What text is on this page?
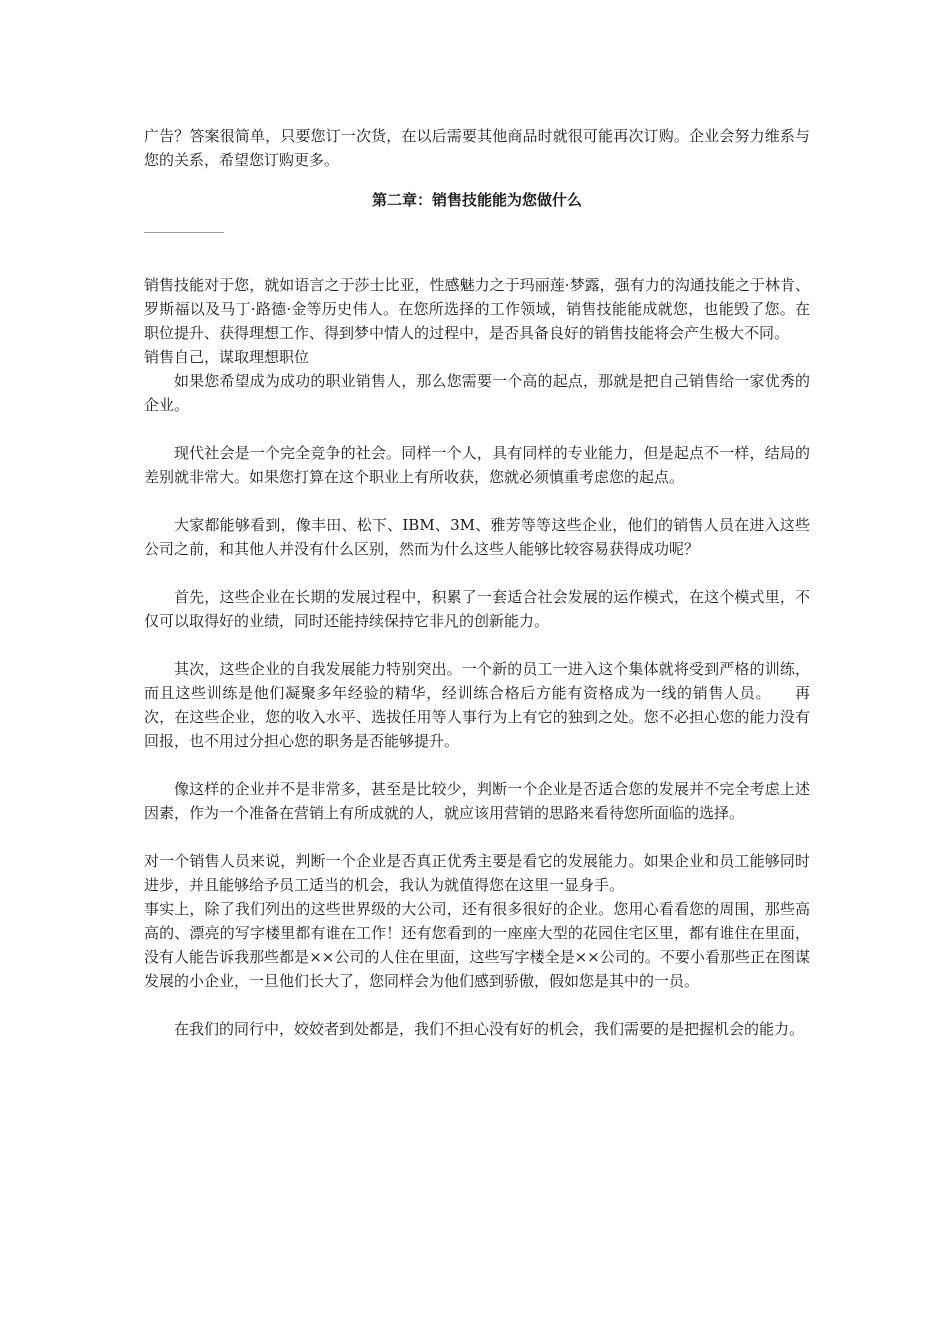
广告？答案很简单，只要您订一次货，在以后需要其他商品时就很可能再次订购。企业会努力维系与您的关系，希望您订购更多。

第二章：销售技能能为您做什么

销售技能对于您，就如语言之于莎士比亚，性感魅力之于玛丽莲·梦露，强有力的沟通技能之于林肯、罗斯福以及马丁·路德·金等历史伟人。在您所选择的工作领域，销售技能能成就您，也能毁了您。在职位提升、获得理想工作、得到梦中情人的过程中，是否具备良好的销售技能将会产生极大不同。

销售自己，谋取理想职位

如果您希望成为成功的职业销售人，那么您需要一个高的起点，那就是把自己销售给一家优秀的企业。

现代社会是一个完全竞争的社会。同样一个人，具有同样的专业能力，但是起点不一样，结局的差别就非常大。如果您打算在这个职业上有所收获，您就必须慎重考虑您的起点。

大家都能够看到，像丰田、松下、IBM、3M、雅芳等等这些企业，他们的销售人员在进入这些公司之前，和其他人并没有什么区别，然而为什么这些人能够比较容易获得成功呢？

首先，这些企业在长期的发展过程中，积累了一套适合社会发展的运作模式，在这个模式里，不仅可以取得好的业绩，同时还能持续保持它非凡的创新能力。

其次，这些企业的自我发展能力特别突出。一个新的员工一进入这个集体就将受到严格的训练，而且这些训练是他们凝聚多年经验的精华，经训练合格后方能有资格成为一线的销售人员。　　再次，在这些企业，您的收入水平、选拔任用等人事行为上有它的独到之处。您不必担心您的能力没有回报，也不用过分担心您的职务是否能够提升。

像这样的企业并不是非常多，甚至是比较少，判断一个企业是否适合您的发展并不完全考虑上述因素，作为一个准备在营销上有所成就的人，就应该用营销的思路来看待您所面临的选择。

对一个销售人员来说，判断一个企业是否真正优秀主要是看它的发展能力。如果企业和员工能够同时进步，并且能够给予员工适当的机会，我认为就值得您在这里一显身手。

事实上，除了我们列出的这些世界级的大公司，还有很多很好的企业。您用心看看您的周围，那些高高的、漂亮的写字楼里都有谁在工作！还有您看到的一座座大型的花园住宅区里，都有谁住在里面，没有人能告诉我那些都是××公司的人住在里面，这些写字楼全是××公司的。不要小看那些正在图谋发展的小企业，一旦他们长大了，您同样会为他们感到骄傲，假如您是其中的一员。

在我们的同行中，姣姣者到处都是，我们不担心没有好的机会，我们需要的是把握机会的能力。
